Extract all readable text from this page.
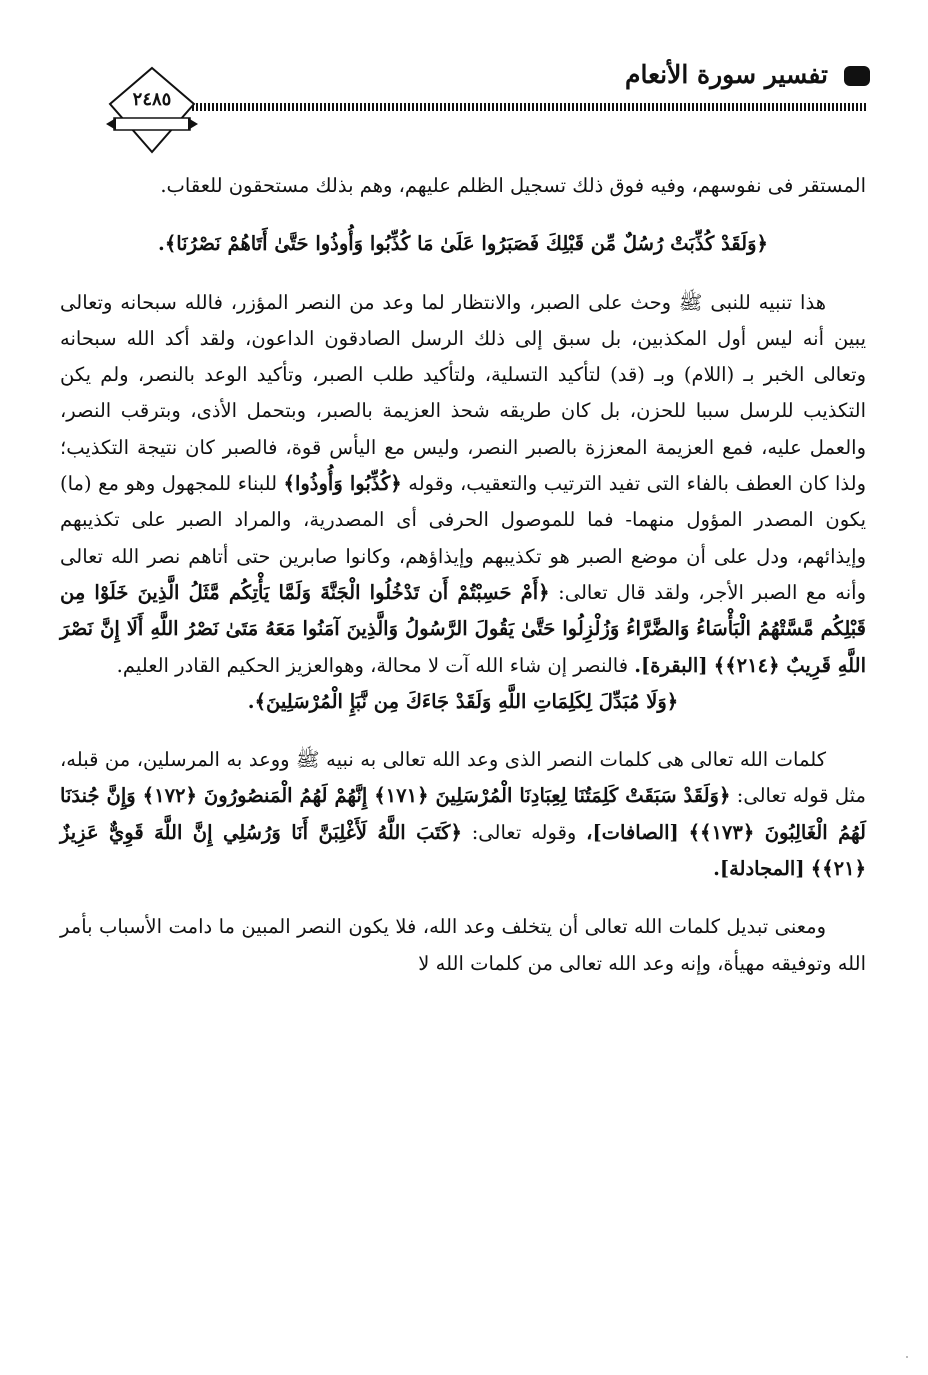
تفسير سورة الأنعام
٢٤٨٥

المستقر فى نفوسهم، وفيه فوق ذلك تسجيل الظلم عليهم، وهم بذلك مستحقون للعقاب.

﴿وَلَقَدْ كُذِّبَتْ رُسُلٌ مِّن قَبْلِكَ فَصَبَرُوا عَلَىٰ مَا كُذِّبُوا وَأُوذُوا حَتَّىٰ أَتَاهُمْ نَصْرُنَا﴾.

هذا تنبيه للنبى ﷺ وحث على الصبر، والانتظار لما وعد من النصر المؤزر، فالله سبحانه وتعالى يبين أنه ليس أول المكذبين، بل سبق إلى ذلك الرسل الصادقون الداعون، ولقد أكد الله سبحانه وتعالى الخبر بـ (اللام) وبـ (قد) لتأكيد التسلية، ولتأكيد طلب الصبر، وتأكيد الوعد بالنصر، ولم يكن التكذيب للرسل سببا للحزن، بل كان طريقه شحذ العزيمة بالصبر، وبتحمل الأذى، وبترقب النصر، والعمل عليه، فمع العزيمة المعززة بالصبر النصر، وليس مع اليأس قوة، فالصبر كان نتيجة التكذيب؛ ولذا كان العطف بالفاء التى تفيد الترتيب والتعقيب، وقوله ﴿كُذِّبُوا وَأُوذُوا﴾ للبناء للمجهول وهو مع (ما) يكون المصدر المؤول منهما- فما للموصول الحرفى أى المصدرية، والمراد الصبر على تكذيبهم وإيذائهم، ودل على أن موضع الصبر هو تكذيبهم وإيذاؤهم، وكانوا صابرين حتى أتاهم نصر الله تعالى وأنه مع الصبر الأجر، ولقد قال تعالى: ﴿أَمْ حَسِبْتُمْ أَن تَدْخُلُوا الْجَنَّةَ وَلَمَّا يَأْتِكُم مَّثَلُ الَّذِينَ خَلَوْا مِن قَبْلِكُم مَّسَّتْهُمُ الْبَأْسَاءُ وَالضَّرَّاءُ وَزُلْزِلُوا حَتَّىٰ يَقُولَ الرَّسُولُ وَالَّذِينَ آمَنُوا مَعَهُ مَتَىٰ نَصْرُ اللَّهِ أَلَا إِنَّ نَصْرَ اللَّهِ قَرِيبٌ ﴿٢١٤﴾﴾ [البقرة]. فالنصر إن شاء الله آت لا محالة، وهوالعزيز الحكيم القادر العليم.

﴿وَلَا مُبَدِّلَ لِكَلِمَاتِ اللَّهِ وَلَقَدْ جَاءَكَ مِن نَّبَإِ الْمُرْسَلِينَ﴾.

كلمات الله تعالى هى كلمات النصر الذى وعد الله تعالى به نبيه ﷺ ووعد به المرسلين، من قبله، مثل قوله تعالى: ﴿وَلَقَدْ سَبَقَتْ كَلِمَتُنَا لِعِبَادِنَا الْمُرْسَلِينَ ﴿١٧١﴾ إِنَّهُمْ لَهُمُ الْمَنصُورُونَ ﴿١٧٢﴾ وَإِنَّ جُندَنَا لَهُمُ الْغَالِبُونَ ﴿١٧٣﴾﴾ [الصافات]، وقوله تعالى: ﴿كَتَبَ اللَّهُ لَأَغْلِبَنَّ أَنَا وَرُسُلِي إِنَّ اللَّهَ قَوِيٌّ عَزِيزٌ ﴿٢١﴾﴾ [المجادلة].

ومعنى تبديل كلمات الله تعالى أن يتخلف وعد الله، فلا يكون النصر المبين ما دامت الأسباب بأمر الله وتوفيقه مهيأة، وإنه وعد الله تعالى من كلمات الله لا
